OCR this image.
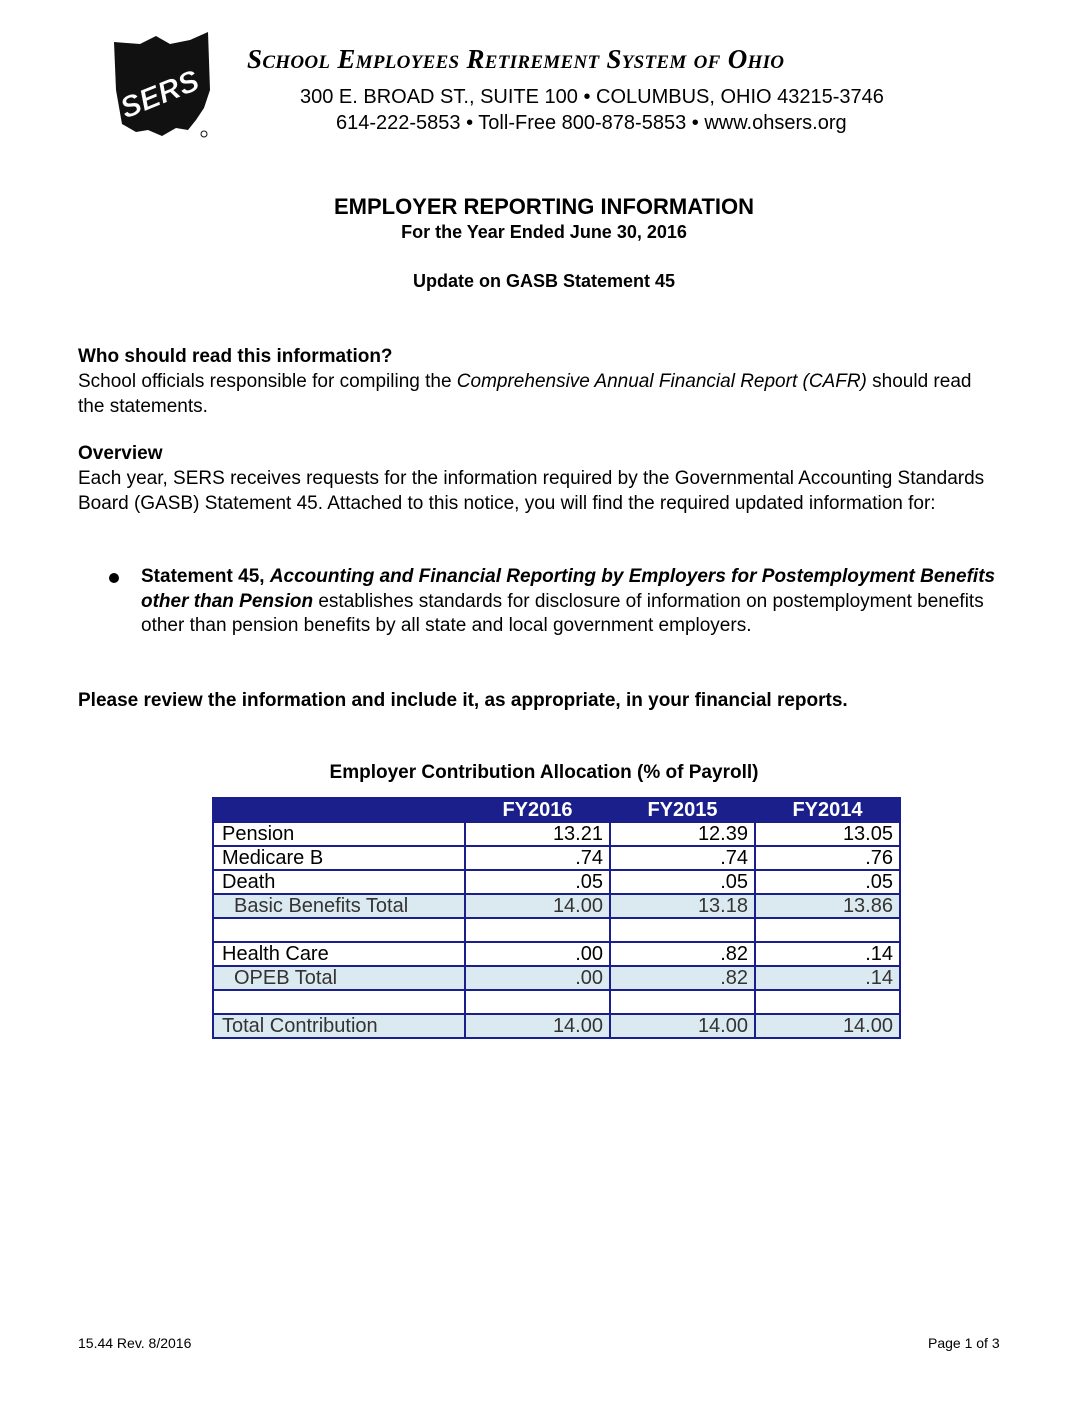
SERS
School Employees Retirement System of Ohio
300 E. BROAD ST., SUITE 100 • COLUMBUS, OHIO 43215-3746
614-222-5853 • Toll-Free 800-878-5853 • www.ohsers.org
EMPLOYER REPORTING INFORMATION
For the Year Ended June 30, 2016
Update on GASB Statement 45
Who should read this information?
School officials responsible for compiling the Comprehensive Annual Financial Report (CAFR) should read the statements.
Overview
Each year, SERS receives requests for the information required by the Governmental Accounting Standards Board (GASB) Statement 45. Attached to this notice, you will find the required updated information for:
Statement 45, Accounting and Financial Reporting by Employers for Postemployment Benefits other than Pension establishes standards for disclosure of information on postemployment benefits other than pension benefits by all state and local government employers.
Please review the information and include it, as appropriate, in your financial reports.
Employer Contribution Allocation (% of Payroll)
	FY2016	FY2015	FY2014
Pension	13.21	12.39	13.05
Medicare B	.74	.74	.76
Death	.05	.05	.05
Basic Benefits Total	14.00	13.18	13.86

Health Care	.00	.82	.14
OPEB Total	.00	.82	.14

Total Contribution	14.00	14.00	14.00
15.44 Rev. 8/2016	Page 1 of 3
